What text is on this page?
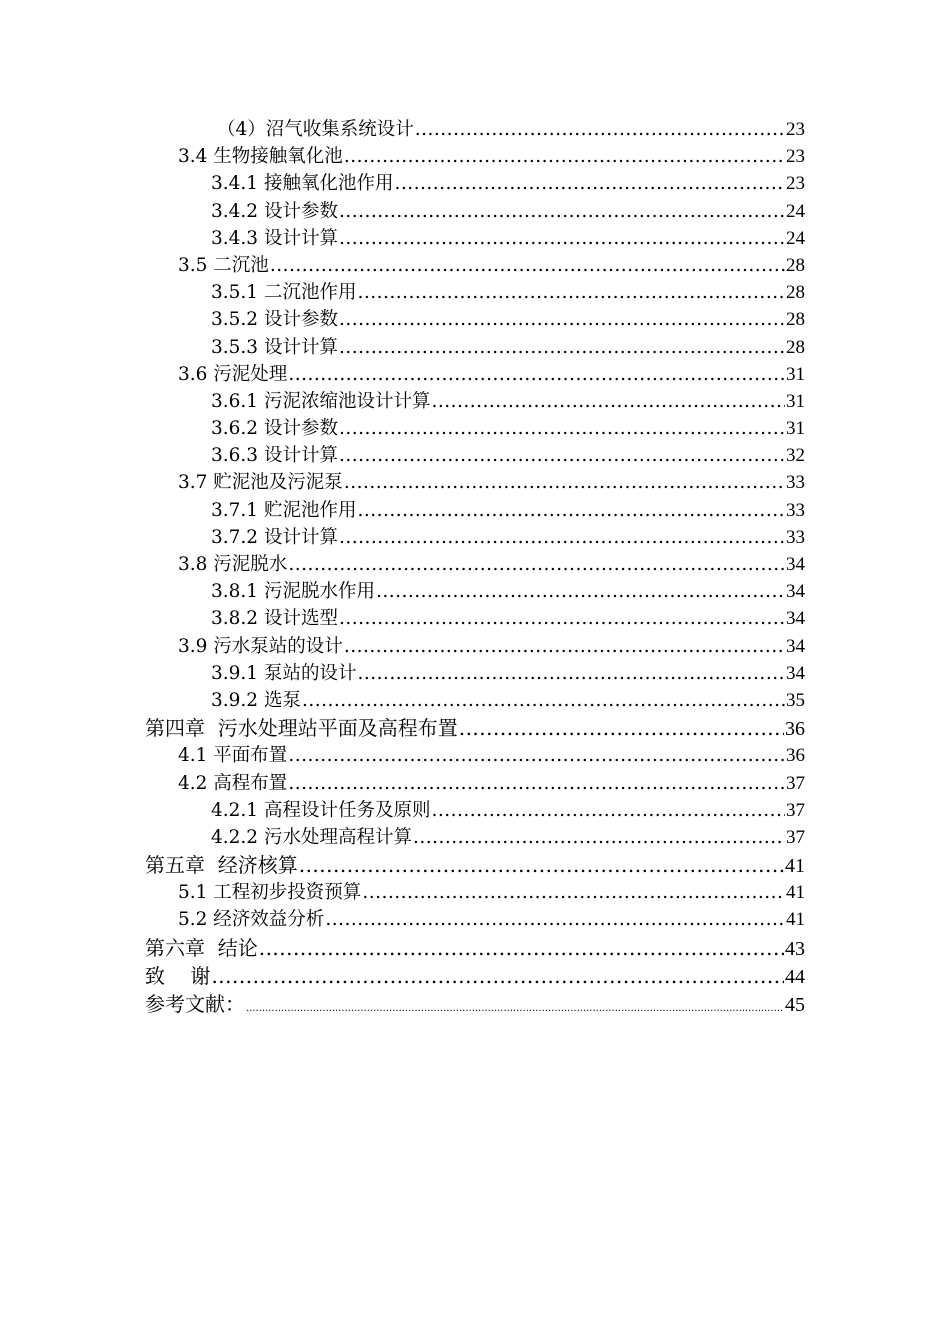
（4）沼气收集系统设计 .....	23
3.4 生物接触氧化池 .....	23
3.4.1 接触氧化池作用 .....	23
3.4.2 设计参数 .....	24
3.4.3 设计计算 .....	24
3.5 二沉池 .....	28
3.5.1 二沉池作用 .....	28
3.5.2 设计参数 .....	28
3.5.3 设计计算 .....	28
3.6 污泥处理 .....	31
3.6.1 污泥浓缩池设计计算 .....	31
3.6.2 设计参数 .....	31
3.6.3 设计计算 .....	32
3.7 贮泥池及污泥泵 .....	33
3.7.1 贮泥池作用 .....	33
3.7.2 设计计算 .....	33
3.8 污泥脱水 .....	34
3.8.1 污泥脱水作用 .....	34
3.8.2 设计选型 .....	34
3.9 污水泵站的设计 .....	34
3.9.1 泵站的设计 .....	34
3.9.2 选泵 .....	35
第四章  污水处理站平面及高程布置 .....	36
4.1 平面布置 .....	36
4.2 高程布置 .....	37
4.2.1 高程设计任务及原则 .....	37
4.2.2 污水处理高程计算 .....	37
第五章  经济核算 .....	41
5.1 工程初步投资预算 .....	41
5.2 经济效益分析 .....	41
第六章  结论 .....	43
致    谢 .....	44
参考文献： .....	45
